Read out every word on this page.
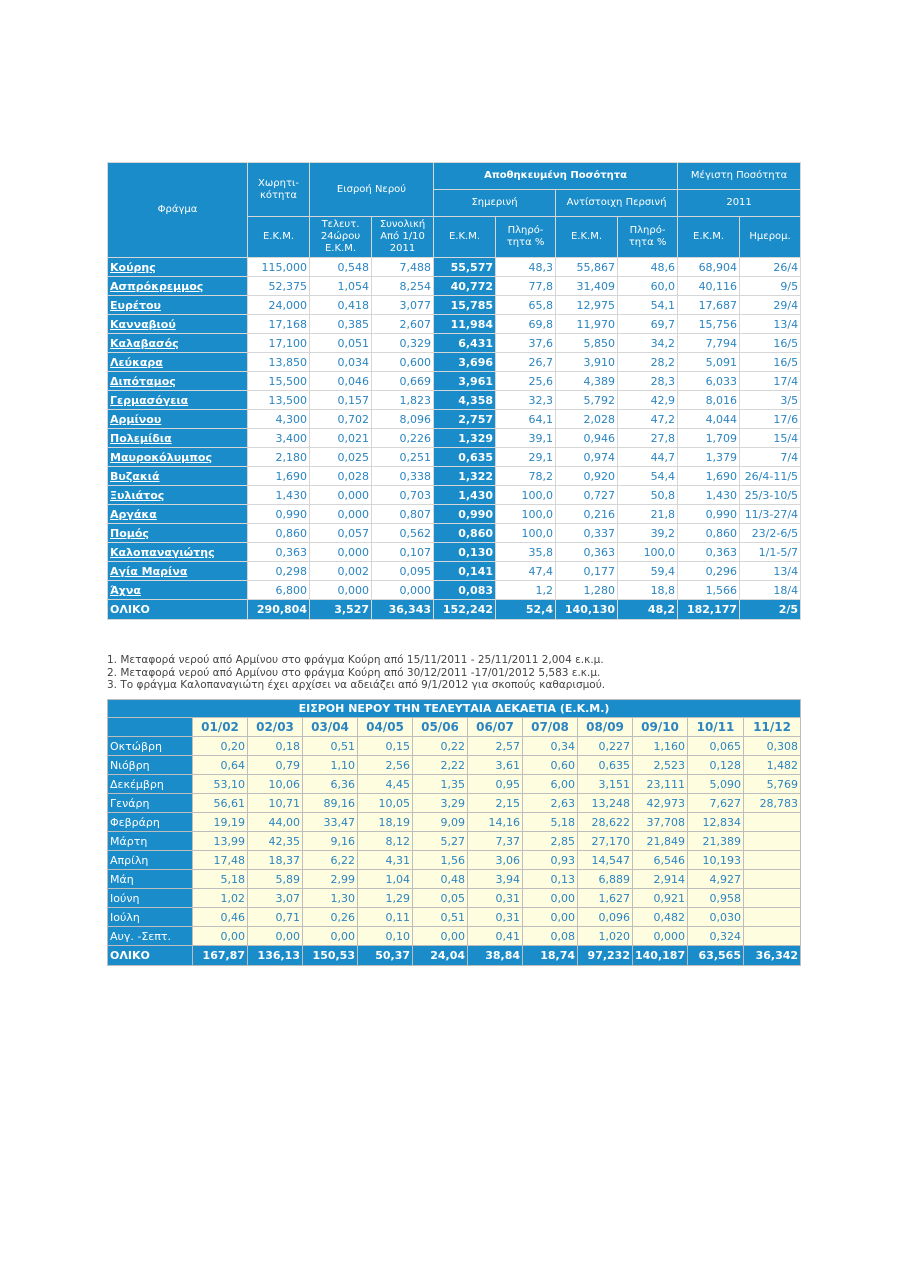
Φράγμα	Χωρητι-κότητα	Εισροή Νερού		Αποθηκευμένη Ποσότητα				Μέγιστη Ποσότητα	
				Σημερινή		Αντίστοιχη Περσινή		2011	
	Ε.Κ.Μ.	Τελευτ. 24ώρου Ε.Κ.Μ.	Συνολική Από 1/10 2011	Ε.Κ.Μ.	Πληρό-τητα %	Ε.Κ.Μ.	Πληρό-τητα %	Ε.Κ.Μ.	Ημερομ.
Κούρης	115,000	0,548	7,488	55,577	48,3	55,867	48,6	68,904	26/4
Ασπρόκρεμμος	52,375	1,054	8,254	40,772	77,8	31,409	60,0	40,116	9/5
Ευρέτου	24,000	0,418	3,077	15,785	65,8	12,975	54,1	17,687	29/4
Κανναβιού	17,168	0,385	2,607	11,984	69,8	11,970	69,7	15,756	13/4
Καλαβασός	17,100	0,051	0,329	6,431	37,6	5,850	34,2	7,794	16/5
Λεύκαρα	13,850	0,034	0,600	3,696	26,7	3,910	28,2	5,091	16/5
Διπόταμος	15,500	0,046	0,669	3,961	25,6	4,389	28,3	6,033	17/4
Γερμασόγεια	13,500	0,157	1,823	4,358	32,3	5,792	42,9	8,016	3/5
Αρμίνου	4,300	0,702	8,096	2,757	64,1	2,028	47,2	4,044	17/6
Πολεμίδια	3,400	0,021	0,226	1,329	39,1	0,946	27,8	1,709	15/4
Μαυροκόλυμπος	2,180	0,025	0,251	0,635	29,1	0,974	44,7	1,379	7/4
Βυζακιά	1,690	0,028	0,338	1,322	78,2	0,920	54,4	1,690	26/4-11/5
Ξυλιάτος	1,430	0,000	0,703	1,430	100,0	0,727	50,8	1,430	25/3-10/5
Αργάκα	0,990	0,000	0,807	0,990	100,0	0,216	21,8	0,990	11/3-27/4
Πομός	0,860	0,057	0,562	0,860	100,0	0,337	39,2	0,860	23/2-6/5
Καλοπαναγιώτης	0,363	0,000	0,107	0,130	35,8	0,363	100,0	0,363	1/1-5/7
Αγία Μαρίνα	0,298	0,002	0,095	0,141	47,4	0,177	59,4	0,296	13/4
Άχνα	6,800	0,000	0,000	0,083	1,2	1,280	18,8	1,566	18/4
ΟΛΙΚΟ	290,804	3,527	36,343	152,242	52,4	140,130	48,2	182,177	2/5
1. Μεταφορά νερού από Αρμίνου στο φράγμα Κούρη από 15/11/2011 - 25/11/2011 2,004 ε.κ.μ.
2. Μεταφορά νερού από Αρμίνου στο φράγμα Κούρη από 30/12/2011 -17/01/2012 5,583 ε.κ.μ.
3. Το φράγμα Καλοπαναγιώτη έχει αρχίσει να αδειάζει από 9/1/2012 για σκοπούς καθαρισμού.
ΕΙΣΡΟΗ ΝΕΡΟΥ ΤΗΝ ΤΕΛΕΥΤΑΙΑ ΔΕΚΑΕΤΙΑ (Ε.Κ.Μ.)											
	01/02	02/03	03/04	04/05	05/06	06/07	07/08	08/09	09/10	10/11	11/12
Οκτώβρη	0,20	0,18	0,51	0,15	0,22	2,57	0,34	0,227	1,160	0,065	0,308
Νιόβρη	0,64	0,79	1,10	2,56	2,22	3,61	0,60	0,635	2,523	0,128	1,482
Δεκέμβρη	53,10	10,06	6,36	4,45	1,35	0,95	6,00	3,151	23,111	5,090	5,769
Γενάρη	56,61	10,71	89,16	10,05	3,29	2,15	2,63	13,248	42,973	7,627	28,783
Φεβράρη	19,19	44,00	33,47	18,19	9,09	14,16	5,18	28,622	37,708	12,834	
Μάρτη	13,99	42,35	9,16	8,12	5,27	7,37	2,85	27,170	21,849	21,389	
Απρίλη	17,48	18,37	6,22	4,31	1,56	3,06	0,93	14,547	6,546	10,193	
Μάη	5,18	5,89	2,99	1,04	0,48	3,94	0,13	6,889	2,914	4,927	
Ιούνη	1,02	3,07	1,30	1,29	0,05	0,31	0,00	1,627	0,921	0,958	
Ιούλη	0,46	0,71	0,26	0,11	0,51	0,31	0,00	0,096	0,482	0,030	
Αυγ. -Σεπτ.	0,00	0,00	0,00	0,10	0,00	0,41	0,08	1,020	0,000	0,324	
ΟΛΙΚΟ	167,87	136,13	150,53	50,37	24,04	38,84	18,74	97,232	140,187	63,565	36,342
